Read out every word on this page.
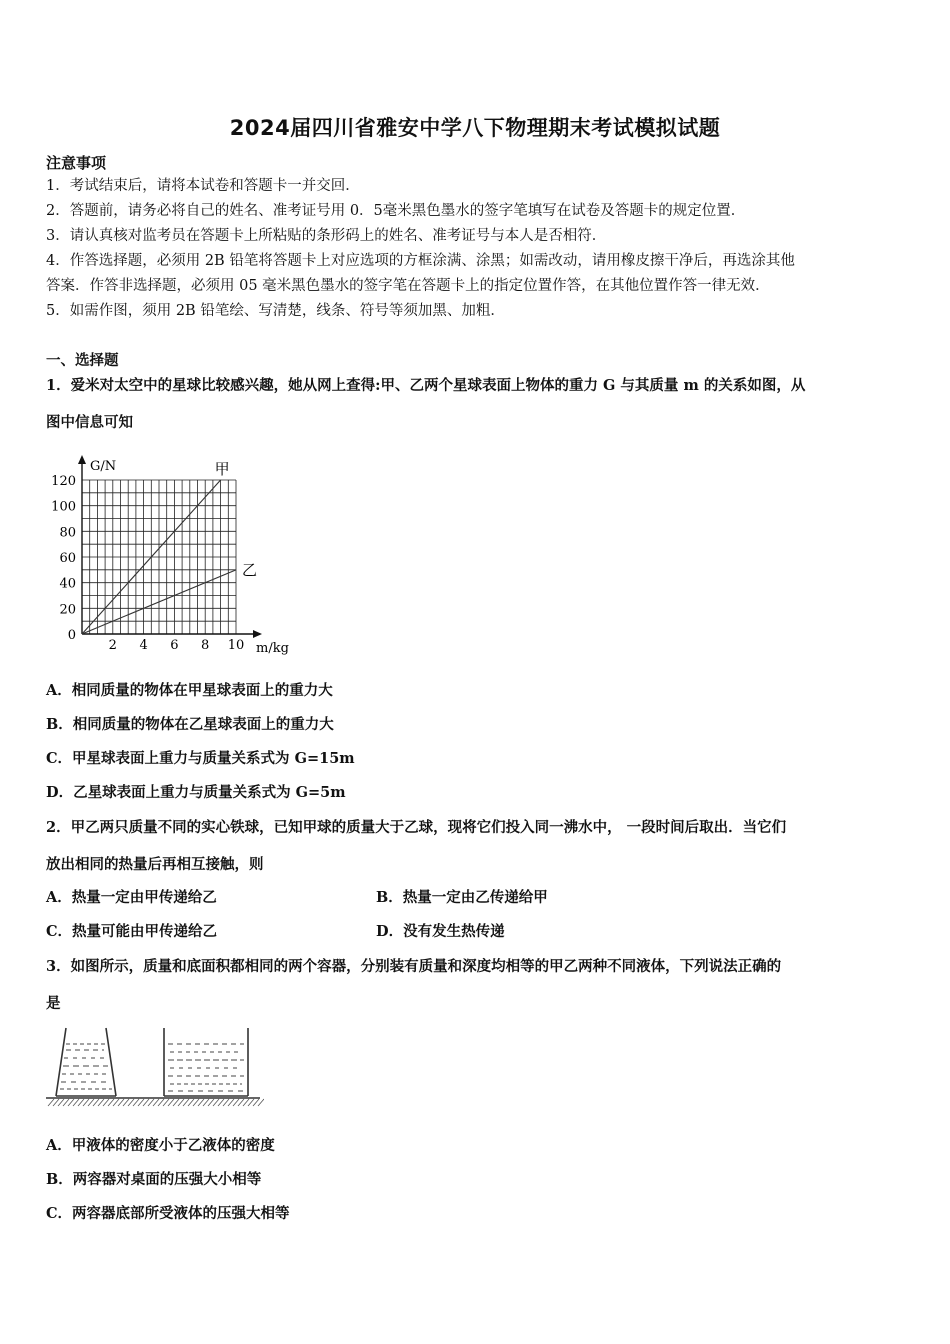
2024届四川省雅安中学八下物理期末考试模拟试题
注意事项
1．考试结束后，请将本试卷和答题卡一并交回．
2．答题前，请务必将自己的姓名、准考证号用 0．5毫米黑色墨水的签字笔填写在试卷及答题卡的规定位置．
3．请认真核对监考员在答题卡上所粘贴的条形码上的姓名、准考证号与本人是否相符．
4．作答选择题，必须用 2B 铅笔将答题卡上对应选项的方框涂满、涂黑；如需改动，请用橡皮擦干净后，再选涂其他
答案．作答非选择题，必须用 05 毫米黑色墨水的签字笔在答题卡上的指定位置作答，在其他位置作答一律无效．
5．如需作图，须用 2B 铅笔绘、写清楚，线条、符号等须加黑、加粗．
一、选择题
1．爱米对太空中的星球比较感兴趣，她从网上查得:甲、乙两个星球表面上物体的重力 G 与其质量 m 的关系如图，从
图中信息可知
甲
乙
0
20
40
60
80
100
120
2 4 6 8 10
G/N
m/kg
A．相同质量的物体在甲星球表面上的重力大
B．相同质量的物体在乙星球表面上的重力大
C．甲星球表面上重力与质量关系式为 G=15m
D．乙星球表面上重力与质量关系式为 G=5m
2．甲乙两只质量不同的实心铁球，已知甲球的质量大于乙球，现将它们投入同一沸水中， 一段时间后取出．当它们
放出相同的热量后再相互接触，则
A．热量一定由甲传递给乙	B．热量一定由乙传递给甲
C．热量可能由甲传递给乙	D．没有发生热传递
3．如图所示，质量和底面积都相同的两个容器，分别装有质量和深度均相等的甲乙两种不同液体，下列说法正确的
是
A．甲液体的密度小于乙液体的密度
B．两容器对桌面的压强大小相等
C．两容器底部所受液体的压强大相等
